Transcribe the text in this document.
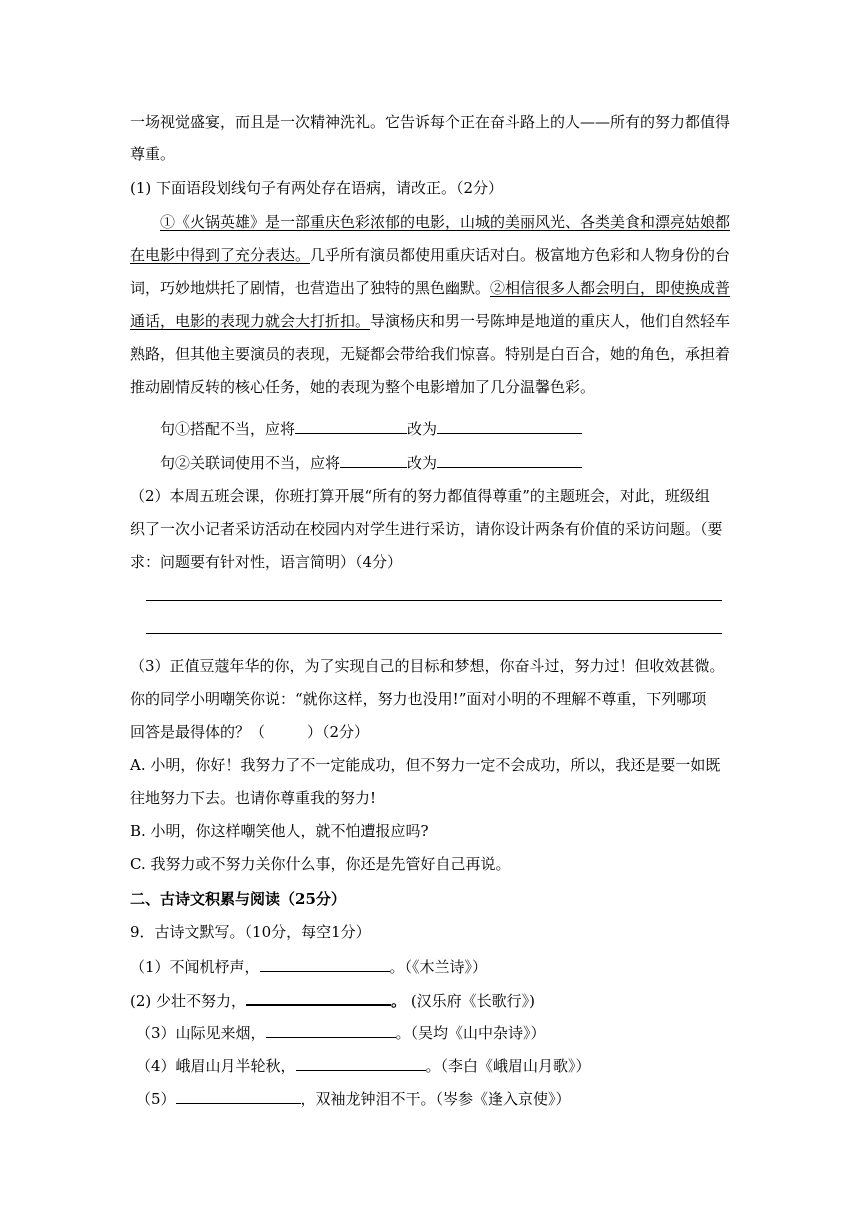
一场视觉盛宴，而且是一次精神洗礼。它告诉每个正在奋斗路上的人——所有的努力都值得

尊重。

(1) 下面语段划线句子有两处存在语病，请改正。（2分）

①《火锅英雄》是一部重庆色彩浓郁的电影，山城的美丽风光、各类美食和漂亮姑娘都

在电影中得到了充分表达。几乎所有演员都使用重庆话对白。极富地方色彩和人物身份的台

词，巧妙地烘托了剧情，也营造出了独特的黑色幽默。②相信很多人都会明白，即使换成普

通话，电影的表现力就会大打折扣。导演杨庆和男一号陈坤是地道的重庆人，他们自然轻车

熟路，但其他主要演员的表现，无疑都会带给我们惊喜。特别是白百合，她的角色，承担着

推动剧情反转的核心任务，她的表现为整个电影增加了几分温馨色彩。

句①搭配不当，应将	改为

句②关联词使用不当，应将	改为

（2）本周五班会课，你班打算开展“所有的努力都值得尊重”的主题班会，对此，班级组

织了一次小记者采访活动在校园内对学生进行采访，请你设计两条有价值的采访问题。（要

求：问题要有针对性，语言简明）（4分）

（3）正值豆蔻年华的你，为了实现自己的目标和梦想，你奋斗过，努力过！但收效甚微。

你的同学小明嘲笑你说：“就你这样，努力也没用!”面对小明的不理解不尊重，下列哪项

回答是最得体的？（	）（2分）

A. 小明，你好！我努力了不一定能成功，但不努力一定不会成功，所以，我还是要一如既

往地努力下去。也请你尊重我的努力!

B. 小明，你这样嘲笑他人，就不怕遭报应吗?

C. 我努力或不努力关你什么事，你还是先管好自己再说。

二、古诗文积累与阅读（25分）

9．古诗文默写。（10分，每空1分）

（1）不闻机杼声，	。（《木兰诗》）

(2) 少壮不努力，	。 (汉乐府《长歌行》)

（3）山际见来烟，	。（吴均《山中杂诗》）

（4）峨眉山月半轮秋，	。（李白《峨眉山月歌》）

（5）	，双袖龙钟泪不干。（岑参《逢入京使》）
